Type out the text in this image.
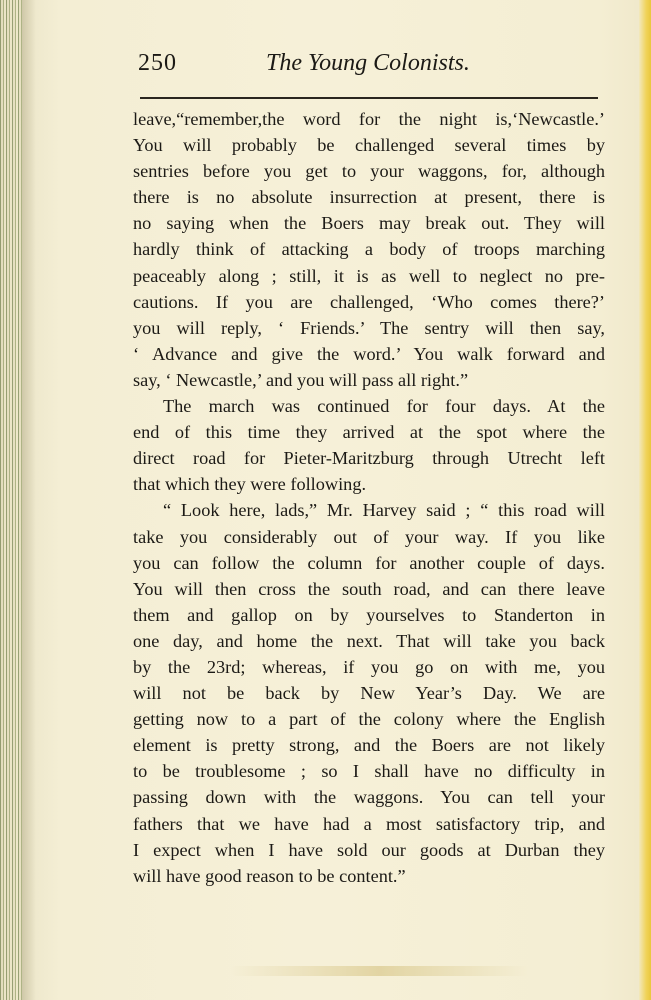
250	The Young Colonists.
leave,“remember,the word for the night is,‘Newcastle.’
You will probably be challenged several times by
sentries before you get to your waggons, for, although
there is no absolute insurrection at present, there is
no saying when the Boers may break out. They will
hardly think of attacking a body of troops marching
peaceably along ; still, it is as well to neglect no pre-
cautions. If you are challenged, ‘Who comes there?’
you will reply, ‘ Friends.’ The sentry will then say,
‘ Advance and give the word.’ You walk forward and
say, ‘ Newcastle,’ and you will pass all right.”
The march was continued for four days. At the
end of this time they arrived at the spot where the
direct road for Pieter-Maritzburg through Utrecht left
that which they were following.
“ Look here, lads,” Mr. Harvey said ; “ this road will
take you considerably out of your way. If you like
you can follow the column for another couple of days.
You will then cross the south road, and can there leave
them and gallop on by yourselves to Standerton in
one day, and home the next. That will take you back
by the 23rd; whereas, if you go on with me, you
will not be back by New Year’s Day. We are
getting now to a part of the colony where the English
element is pretty strong, and the Boers are not likely
to be troublesome ; so I shall have no difficulty in
passing down with the waggons. You can tell your
fathers that we have had a most satisfactory trip, and
I expect when I have sold our goods at Durban they
will have good reason to be content.”
